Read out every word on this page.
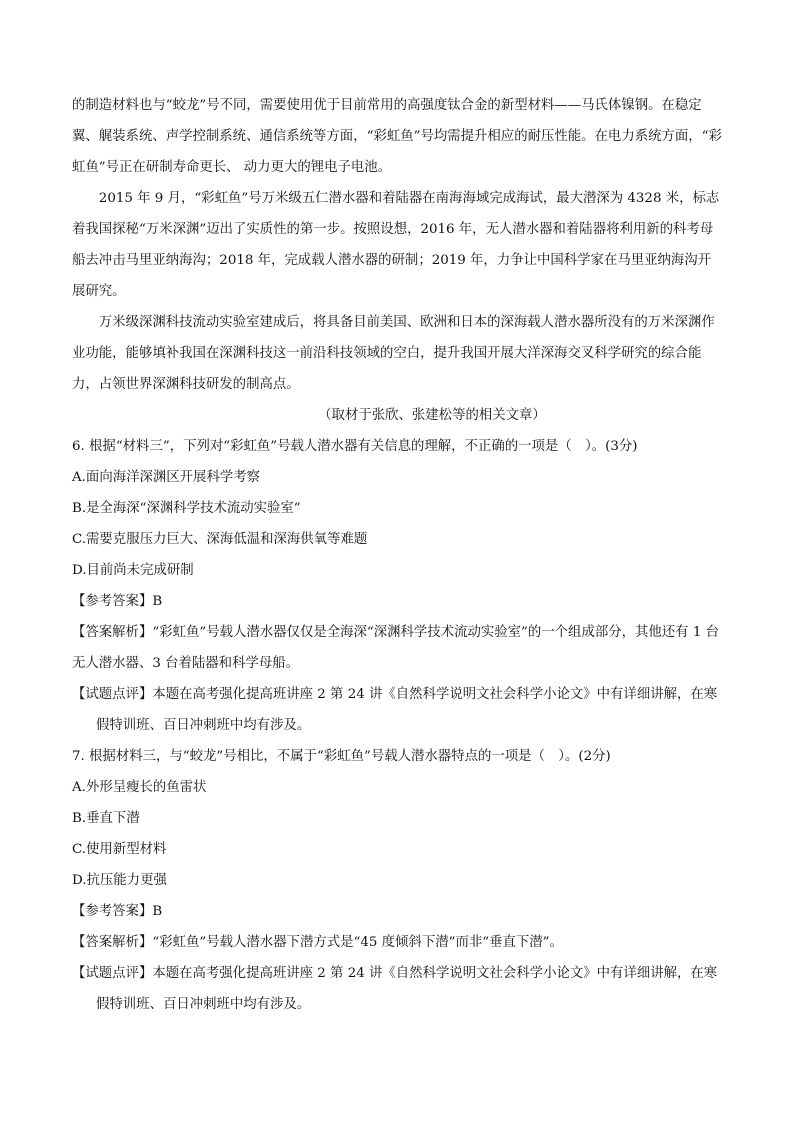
的制造材料也与“蛟龙”号不同，需要使用优于目前常用的高强度钛合金的新型材料——马氏体镍钢。在稳定翼、艉装系统、声学控制系统、通信系统等方面，“彩虹鱼”号均需提升相应的耐压性能。在电力系统方面，“彩虹鱼”号正在研制寿命更长、 动力更大的锂电子电池。

2015 年 9 月，“彩虹鱼”号万米级五仁潜水器和着陆器在南海海域完成海试，最大潜深为 4328 米，标志着我国探秘“万米深渊”迈出了实质性的第一步。按照设想，2016 年，无人潜水器和着陆器将利用新的科考母船去冲击马里亚纳海沟；2018 年，完成载人潜水器的研制；2019 年，力争让中国科学家在马里亚纳海沟开展研究。

万米级深渊科技流动实验室建成后，将具备目前美国、欧洲和日本的深海载人潜水器所没有的万米深渊作业功能，能够填补我国在深渊科技这一前沿科技领域的空白，提升我国开展大洋深海交叉科学研究的综合能力，占领世界深渊科技研发的制高点。

（取材于张欣、张建松等的相关文章）

6. 根据“材料三”，下列对“彩虹鱼”号载人潜水器有关信息的理解，不正确的一项是（　）。(3分)

A.面向海洋深渊区开展科学考察

B.是全海深“深渊科学技术流动实验室”

C.需要克服压力巨大、深海低温和深海供氧等难题

D.目前尚未完成研制

【参考答案】B

【答案解析】“彩虹鱼”号载人潜水器仅仅是全海深“深渊科学技术流动实验室”的一个组成部分，其他还有 1 台无人潜水器、3 台着陆器和科学母船。

【试题点评】本题在高考强化提高班讲座 2 第 24 讲《自然科学说明文社会科学小论文》中有详细讲解，在寒假特训班、百日冲刺班中均有涉及。

7. 根据材料三，与“蛟龙”号相比，不属于“彩虹鱼”号载人潜水器特点的一项是（　）。(2分)

A.外形呈瘦长的鱼雷状

B.垂直下潜

C.使用新型材料

D.抗压能力更强

【参考答案】B

【答案解析】“彩虹鱼”号载人潜水器下潜方式是“45 度倾斜下潜”而非“垂直下潜”。

【试题点评】本题在高考强化提高班讲座 2 第 24 讲《自然科学说明文社会科学小论文》中有详细讲解，在寒假特训班、百日冲刺班中均有涉及。
